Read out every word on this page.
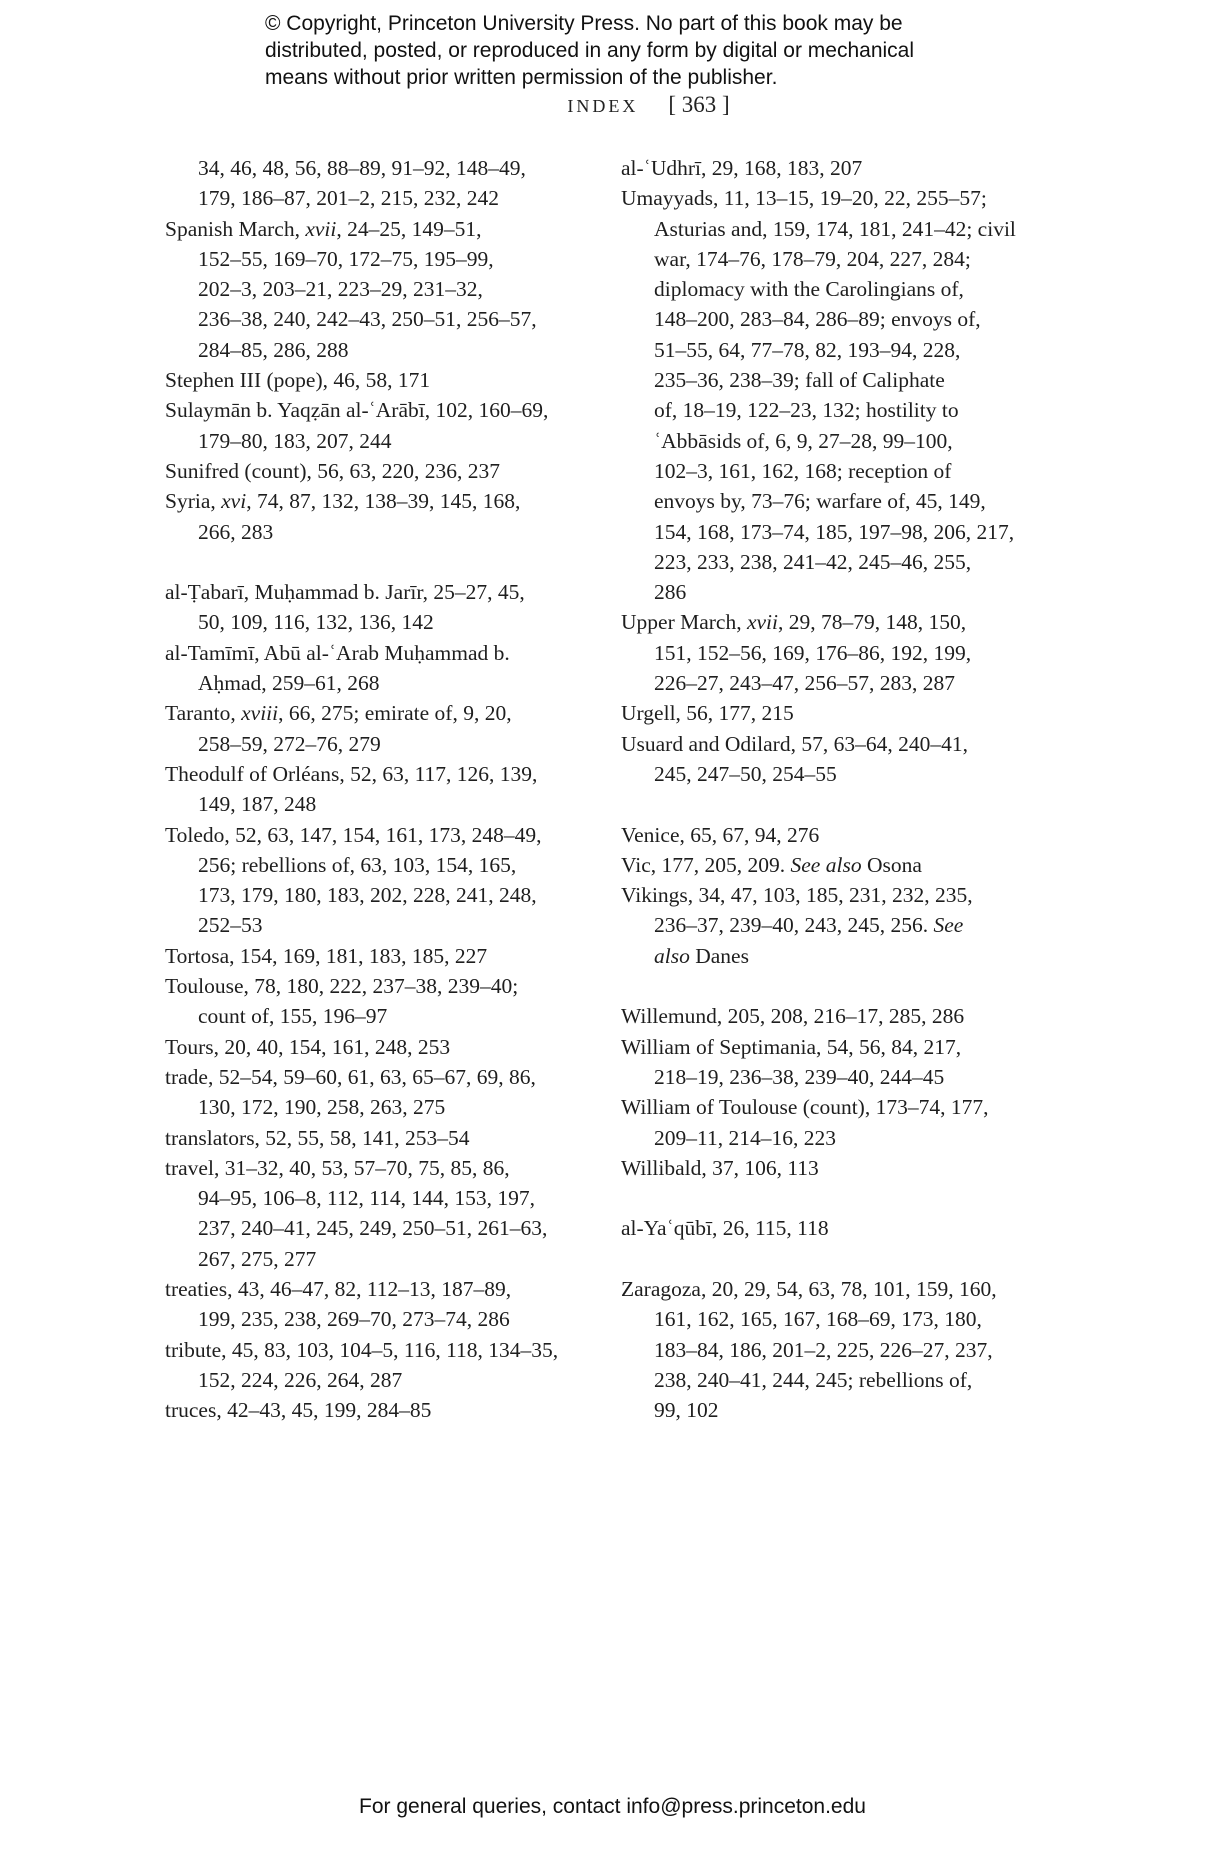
© Copyright, Princeton University Press. No part of this book may be
distributed, posted, or reproduced in any form by digital or mechanical
means without prior written permission of the publisher.
INDEX [ 363 ]
34, 46, 48, 56, 88–89, 91–92, 148–49,
179, 186–87, 201–2, 215, 232, 242
Spanish March, xvii, 24–25, 149–51,
152–55, 169–70, 172–75, 195–99,
202–3, 203–21, 223–29, 231–32,
236–38, 240, 242–43, 250–51, 256–57,
284–85, 286, 288
Stephen III (pope), 46, 58, 171
Sulaymān b. Yaqẓān al-ʿArābī, 102, 160–69,
179–80, 183, 207, 244
Sunifred (count), 56, 63, 220, 236, 237
Syria, xvi, 74, 87, 132, 138–39, 145, 168,
266, 283
al-Ṭabarī, Muḥammad b. Jarīr, 25–27, 45,
50, 109, 116, 132, 136, 142
al-Tamīmī, Abū al-ʿArab Muḥammad b.
Aḥmad, 259–61, 268
Taranto, xviii, 66, 275; emirate of, 9, 20,
258–59, 272–76, 279
Theodulf of Orléans, 52, 63, 117, 126, 139,
149, 187, 248
Toledo, 52, 63, 147, 154, 161, 173, 248–49,
256; rebellions of, 63, 103, 154, 165,
173, 179, 180, 183, 202, 228, 241, 248,
252–53
Tortosa, 154, 169, 181, 183, 185, 227
Toulouse, 78, 180, 222, 237–38, 239–40;
count of, 155, 196–97
Tours, 20, 40, 154, 161, 248, 253
trade, 52–54, 59–60, 61, 63, 65–67, 69, 86,
130, 172, 190, 258, 263, 275
translators, 52, 55, 58, 141, 253–54
travel, 31–32, 40, 53, 57–70, 75, 85, 86,
94–95, 106–8, 112, 114, 144, 153, 197,
237, 240–41, 245, 249, 250–51, 261–63,
267, 275, 277
treaties, 43, 46–47, 82, 112–13, 187–89,
199, 235, 238, 269–70, 273–74, 286
tribute, 45, 83, 103, 104–5, 116, 118, 134–35,
152, 224, 226, 264, 287
truces, 42–43, 45, 199, 284–85
al-ʿUdhrī, 29, 168, 183, 207
Umayyads, 11, 13–15, 19–20, 22, 255–57;
Asturias and, 159, 174, 181, 241–42; civil
war, 174–76, 178–79, 204, 227, 284;
diplomacy with the Carolingians of,
148–200, 283–84, 286–89; envoys of,
51–55, 64, 77–78, 82, 193–94, 228,
235–36, 238–39; fall of Caliphate
of, 18–19, 122–23, 132; hostility to
ʿAbbāsids of, 6, 9, 27–28, 99–100,
102–3, 161, 162, 168; reception of
envoys by, 73–76; warfare of, 45, 149,
154, 168, 173–74, 185, 197–98, 206, 217,
223, 233, 238, 241–42, 245–46, 255,
286
Upper March, xvii, 29, 78–79, 148, 150,
151, 152–56, 169, 176–86, 192, 199,
226–27, 243–47, 256–57, 283, 287
Urgell, 56, 177, 215
Usuard and Odilard, 57, 63–64, 240–41,
245, 247–50, 254–55
Venice, 65, 67, 94, 276
Vic, 177, 205, 209. See also Osona
Vikings, 34, 47, 103, 185, 231, 232, 235,
236–37, 239–40, 243, 245, 256. See
also Danes
Willemund, 205, 208, 216–17, 285, 286
William of Septimania, 54, 56, 84, 217,
218–19, 236–38, 239–40, 244–45
William of Toulouse (count), 173–74, 177,
209–11, 214–16, 223
Willibald, 37, 106, 113
al-Yaʿqūbī, 26, 115, 118
Zaragoza, 20, 29, 54, 63, 78, 101, 159, 160,
161, 162, 165, 167, 168–69, 173, 180,
183–84, 186, 201–2, 225, 226–27, 237,
238, 240–41, 244, 245; rebellions of,
99, 102
For general queries, contact info@press.princeton.edu
